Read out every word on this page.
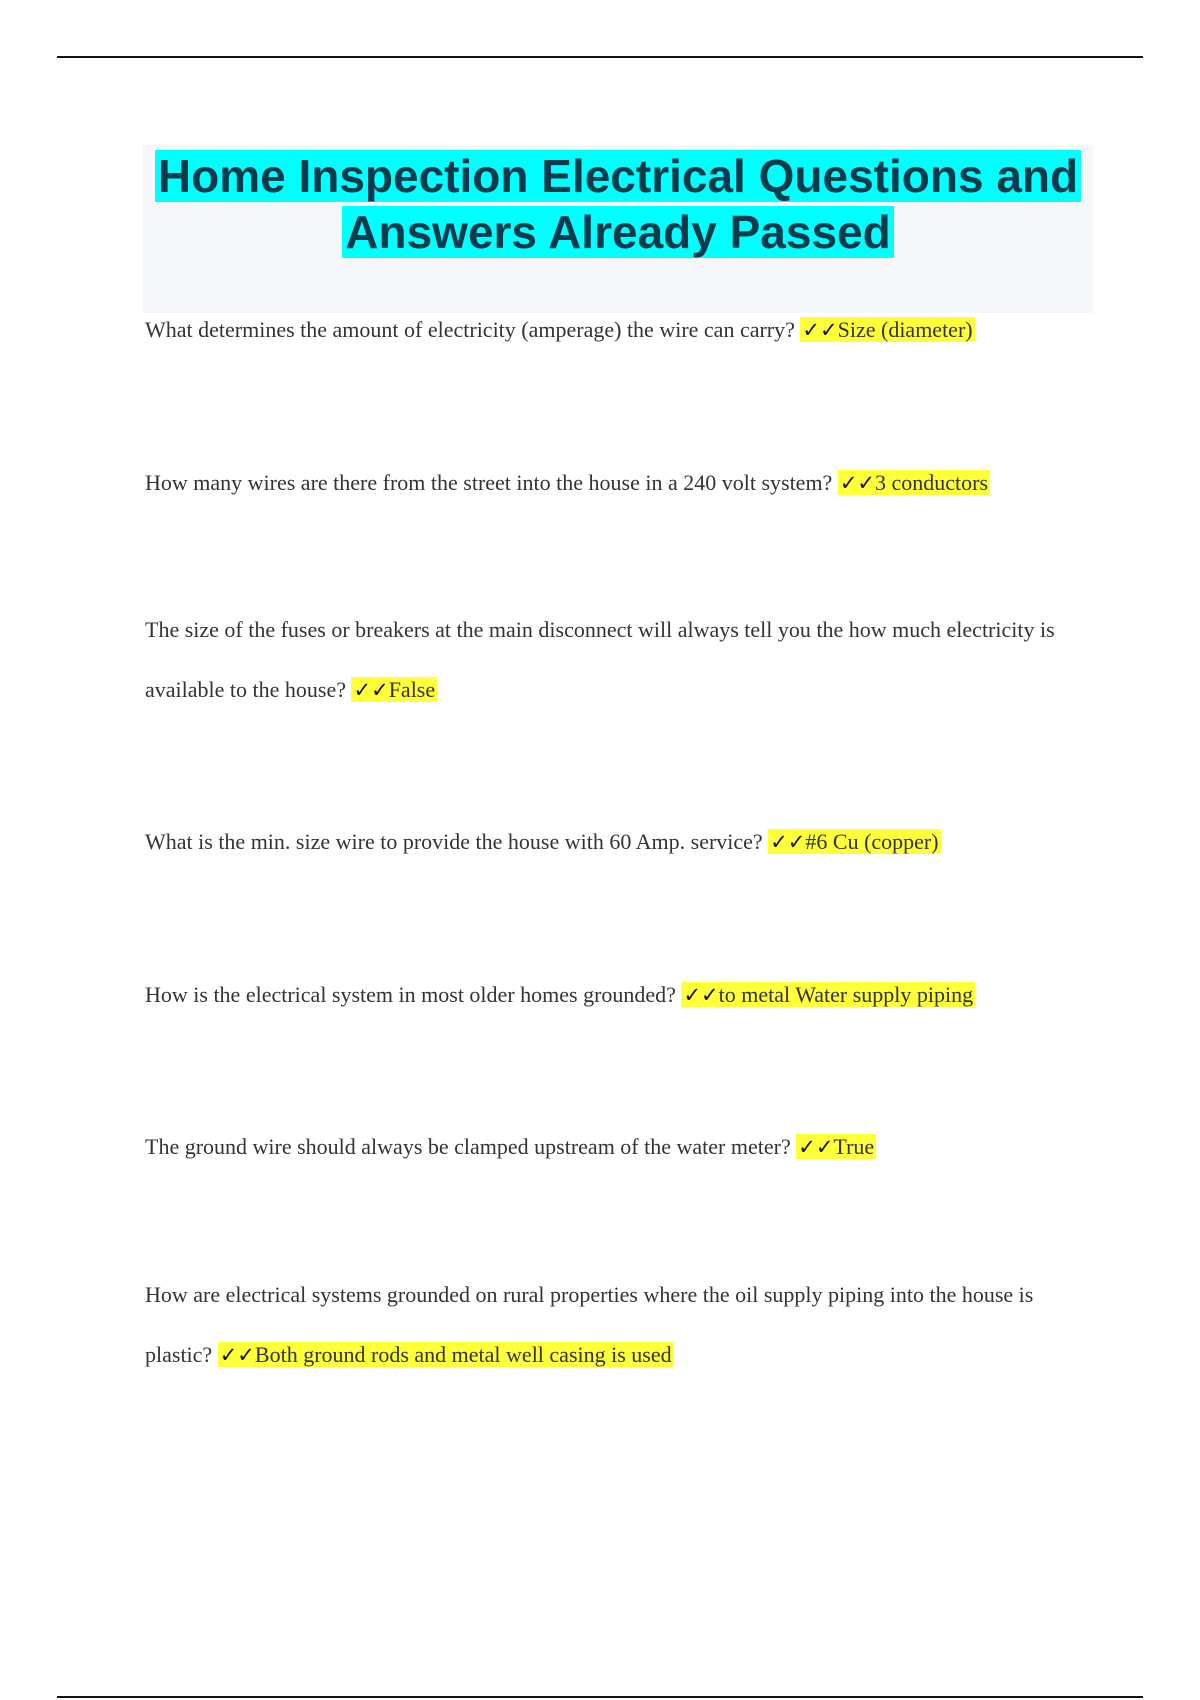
Home Inspection Electrical Questions and Answers Already Passed

What determines the amount of electricity (amperage) the wire can carry? ✓✓Size (diameter)

How many wires are there from the street into the house in a 240 volt system? ✓✓3 conductors

The size of the fuses or breakers at the main disconnect will always tell you the how much electricity is available to the house? ✓✓False

What is the min. size wire to provide the house with 60 Amp. service? ✓✓#6 Cu (copper)

How is the electrical system in most older homes grounded? ✓✓to metal Water supply piping

The ground wire should always be clamped upstream of the water meter? ✓✓True

How are electrical systems grounded on rural properties where the oil supply piping into the house is plastic? ✓✓Both ground rods and metal well casing is used
